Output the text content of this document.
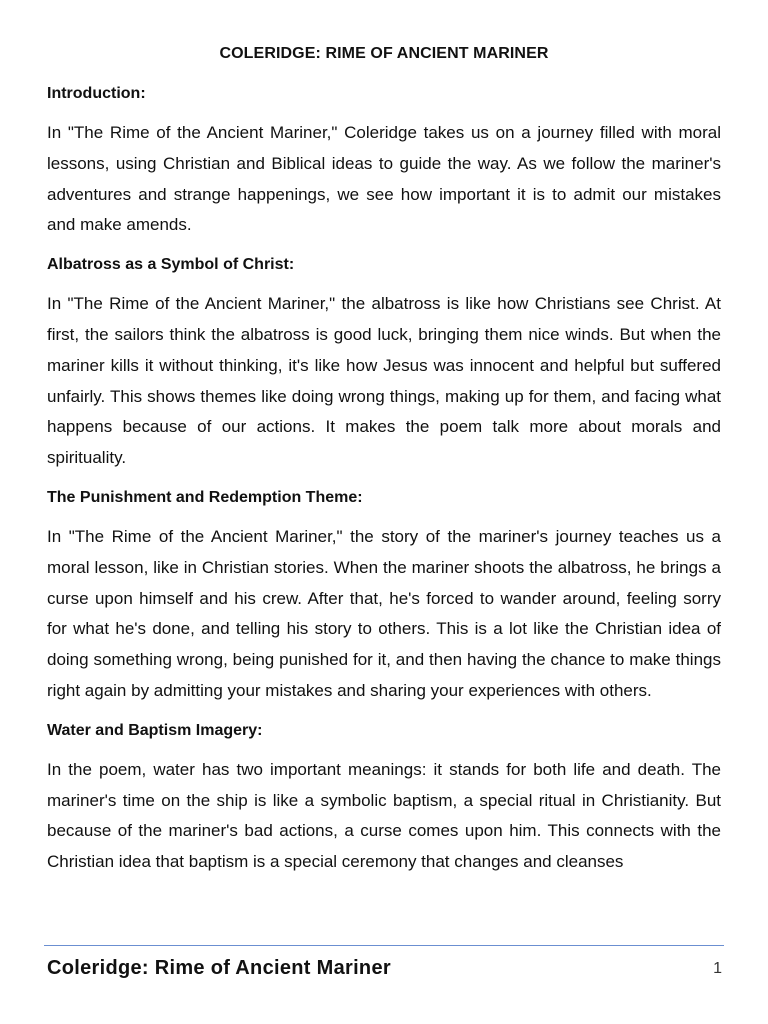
COLERIDGE: RIME OF ANCIENT MARINER
Introduction:

In "The Rime of the Ancient Mariner," Coleridge takes us on a journey filled with moral lessons, using Christian and Biblical ideas to guide the way. As we follow the mariner's adventures and strange happenings, we see how important it is to admit our mistakes and make amends.

Albatross as a Symbol of Christ:

In "The Rime of the Ancient Mariner," the albatross is like how Christians see Christ. At first, the sailors think the albatross is good luck, bringing them nice winds. But when the mariner kills it without thinking, it's like how Jesus was innocent and helpful but suffered unfairly. This shows themes like doing wrong things, making up for them, and facing what happens because of our actions. It makes the poem talk more about morals and spirituality.

The Punishment and Redemption Theme:

In "The Rime of the Ancient Mariner," the story of the mariner's journey teaches us a moral lesson, like in Christian stories. When the mariner shoots the albatross, he brings a curse upon himself and his crew. After that, he's forced to wander around, feeling sorry for what he's done, and telling his story to others. This is a lot like the Christian idea of doing something wrong, being punished for it, and then having the chance to make things right again by admitting your mistakes and sharing your experiences with others.

Water and Baptism Imagery:

In the poem, water has two important meanings: it stands for both life and death. The mariner's time on the ship is like a symbolic baptism, a special ritual in Christianity. But because of the mariner's bad actions, a curse comes upon him. This connects with the Christian idea that baptism is a special ceremony that changes and cleanses

Coleridge: Rime of Ancient Mariner	1
